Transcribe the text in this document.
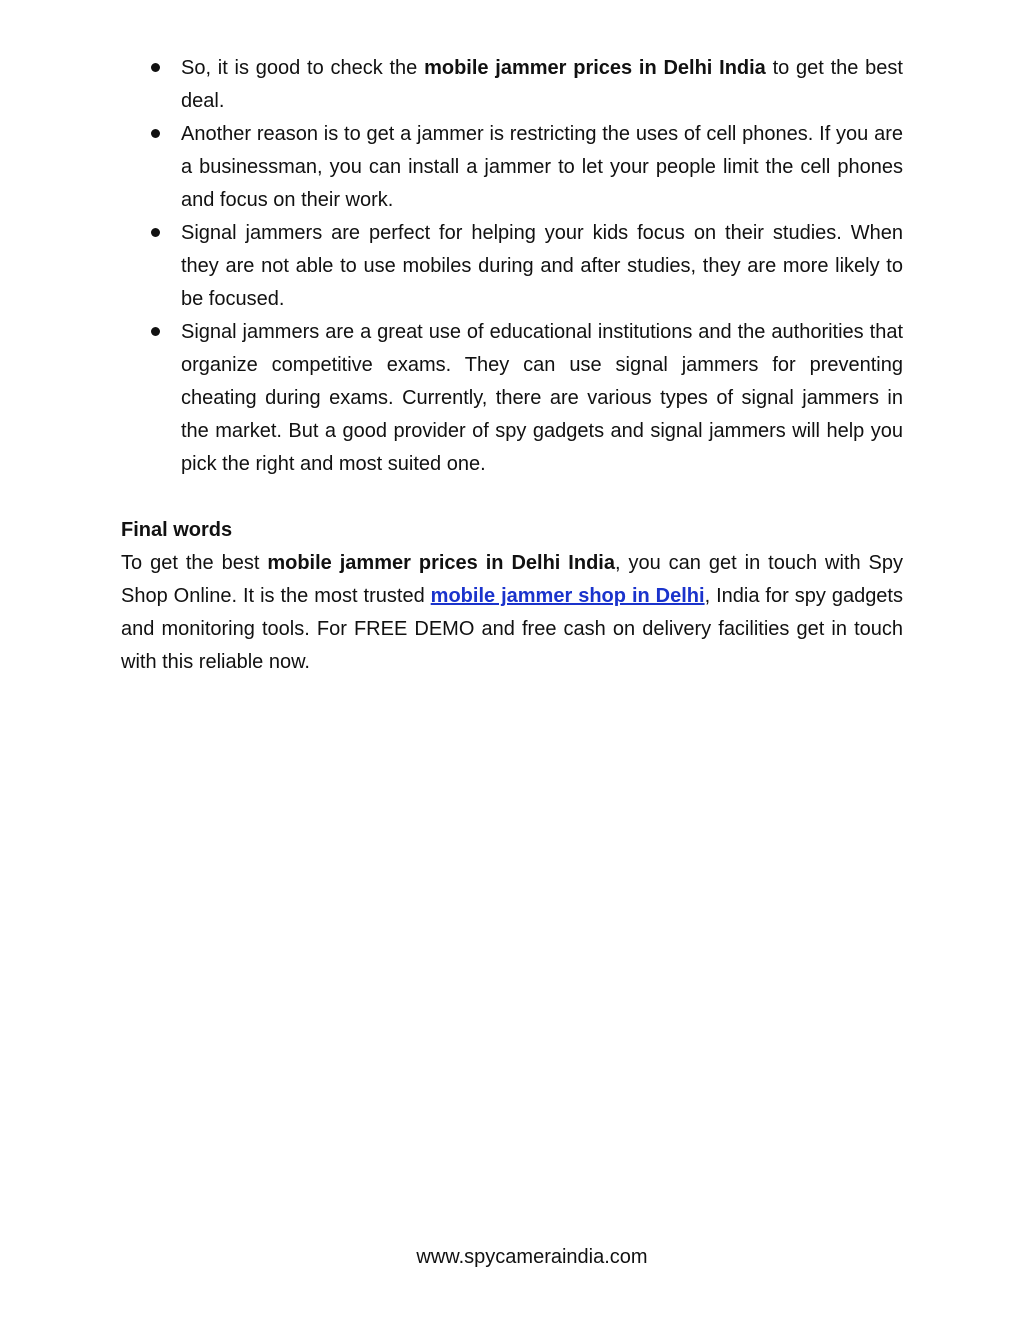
So, it is good to check the mobile jammer prices in Delhi India to get the best deal.
Another reason is to get a jammer is restricting the uses of cell phones. If you are a businessman, you can install a jammer to let your people limit the cell phones and focus on their work.
Signal jammers are perfect for helping your kids focus on their studies. When they are not able to use mobiles during and after studies, they are more likely to be focused.
Signal jammers are a great use of educational institutions and the authorities that organize competitive exams. They can use signal jammers for preventing cheating during exams. Currently, there are various types of signal jammers in the market. But a good provider of spy gadgets and signal jammers will help you pick the right and most suited one.
Final words

To get the best mobile jammer prices in Delhi India, you can get in touch with Spy Shop Online. It is the most trusted mobile jammer shop in Delhi, India for spy gadgets and monitoring tools. For FREE DEMO and free cash on delivery facilities get in touch with this reliable now.

www.spycameraindia.com
